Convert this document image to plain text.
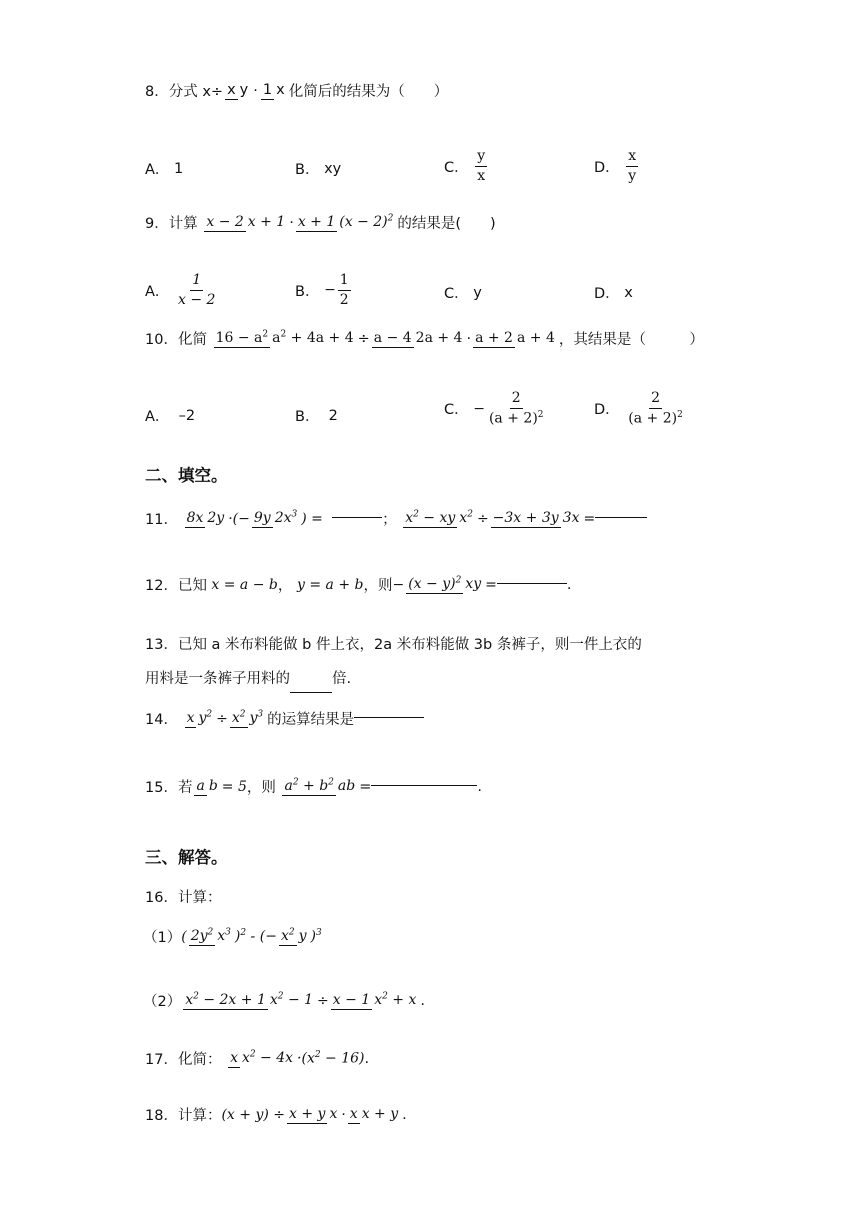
8． 分式 x÷ x y · 1 x 化简后的结果为（　　）
A．
1	B．
xy	C．
$\frac{y}{x}$	D．
$\frac{x}{y}$
9． 计算
x − 2 x + 1 · x + 1 $(x - 2)^2$ 的结果是(　　)
A．
$\frac{1}{x - 2}$	B．
− $\frac{1}{2}$	C．
y	D．
x
10． 化简
$16 - a^2$ $a^2 + 4a + 4 \div a - 4$ 2a + 4 · a + 2 a + 4 ，其结果是（　　　）
A．
–2	B．
2	C．
− $\frac{2}{(a + 2)^2}$	D．
$\frac{2}{(a + 2)^2}$
二、填空。
11．
8x 2y ·(− 9y $2x^3$ ) =
	；
$x^2$ − xy $x^2 \div -3x + 3y$ 3x =
12． 已知 x = a − b ，
y = a + b ，则 − $(x - y)^2$ xy =	.
13．已知 a 米布料能做 b 件上衣，2a 米布料能做 3b 条裤子，则一件上衣的
用料是一条裤子用料的	倍.
14．
x $y^2 \div x^2$ $y^3$ 的运算结果是
15． 若 a b = 5 ，则
$a^2 + b^2$ ab =	.
三、解答。
16．计算：
（1） ( $2y^2$ $x^3$ )$^2$ - (− $x^2$ y )$^3$
（2） $x^2 - 2x + 1$ $x^2 - 1 \div x - 1$ $x^2 + x$ .
17． 化简：
x $x^2 - 4x \cdot(x^2 - 16)$ .
18． 计算： (x + y) ÷ x + y x · x x + y .
